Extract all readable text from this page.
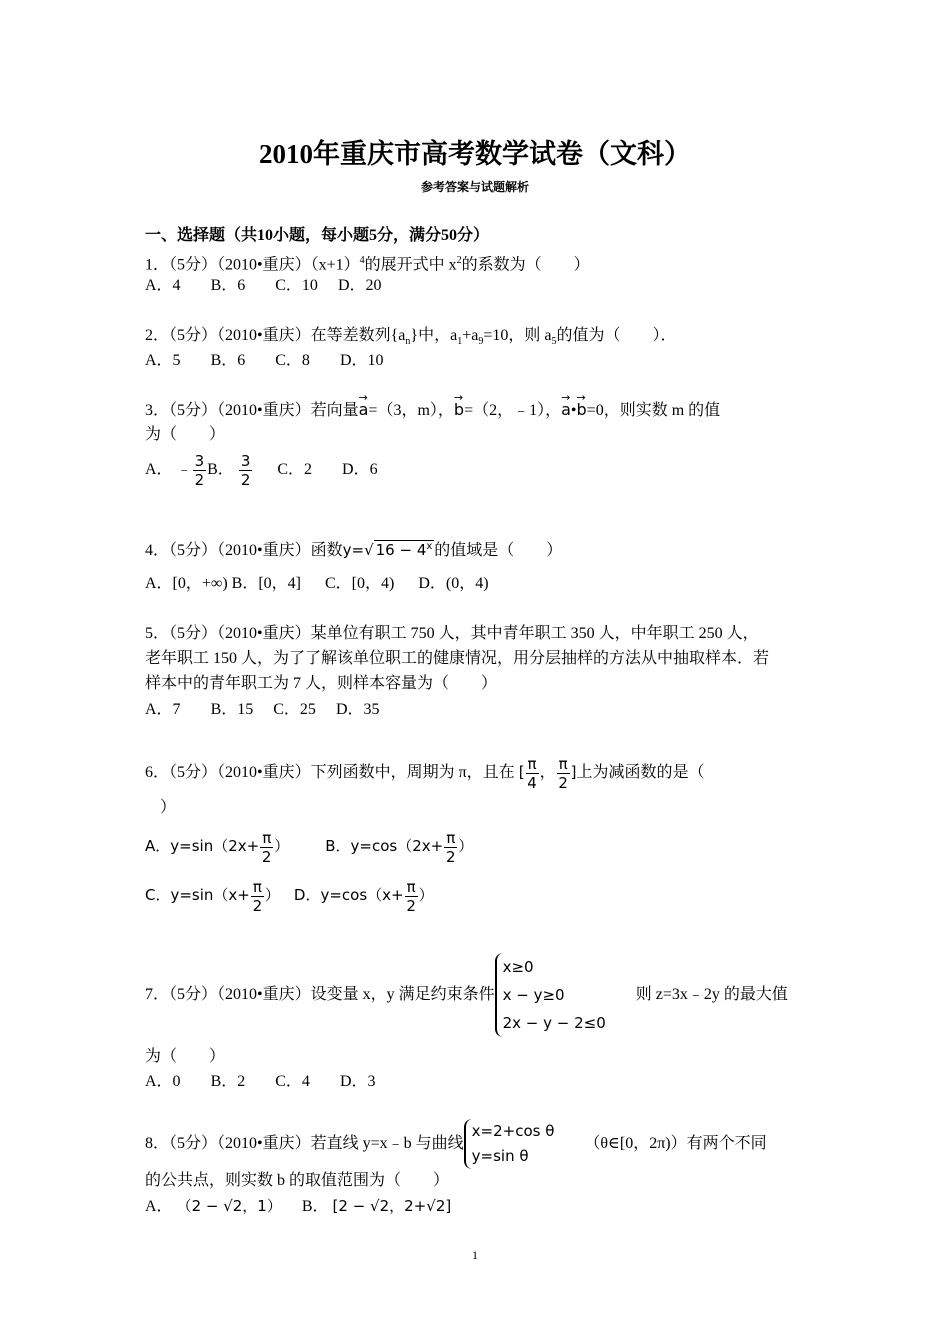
2010年重庆市高考数学试卷（文科）
参考答案与试题解析
一、选择题（共10小题，每小题5分，满分50分）
1．（5分）（2010•重庆）$(x+1)^4$的展开式中 $x^2$的系数为（　　）
A．4 B．6 C．10 D．20
2．（5分）（2010•重庆）在等差数列$\{a_n\}$中，$a_1+a_9=10$，则 $a_5$的值为（　　）．
A．5 B．6 C．8 D．10
3．（5分）（2010•重庆）若向量→ a=（3，m），→ b=（2，﹣1），→ a•→ b=0，则实数 m 的值
为（　　）
A． ﹣ $\frac{3}{2}$ B． $\frac{3}{2}$ C．2 D．6
4．（5分）（2010•重庆）函数y=√ $16 - 4^x$ 的值域是（　　）
A．[0，+∞) B．[0，4] C．[0，4) D．(0，4)
5．（5分）（2010•重庆）某单位有职工 750 人，其中青年职工 350 人，中年职工 250 人，
老年职工 150 人，为了了解该单位职工的健康情况，用分层抽样的方法从中抽取样本．若
样本中的青年职工为 7 人，则样本容量为（　　）
A．7 B．15 C．25 D．35
6．（5分）（2010•重庆）下列函数中，周期为 π，且在 [ $\frac{\pi}{4}$ ， $\frac{\pi}{2}$ ]上为减函数的是（
）
A．$y=\sin(2x+ \frac{\pi}{2}$ ） B．$y=\cos(2x+ \frac{\pi}{2}$ ）
C．$y=\sin(x+ \frac{\pi}{2}$ ） D．$y=\cos(x+ \frac{\pi}{2}$ ）
7．（5分）（2010•重庆）设变量 x，y 满足约束条件
x≥0
x − y≥0
2x − y − 2≤0
则 z=3x﹣2y 的最大值
为（　　）
A．0 B．2 C．4 D．3
8．（5分）（2010•重庆）若直线 y=x﹣b 与曲线
x=2+cos θ
y=sin θ
（θ∈[0，2π)）有两个不同
的公共点，则实数 b 的取值范围为（　　）
A． （2 − √2，1） B． [2 − √2，2+√2]
1
